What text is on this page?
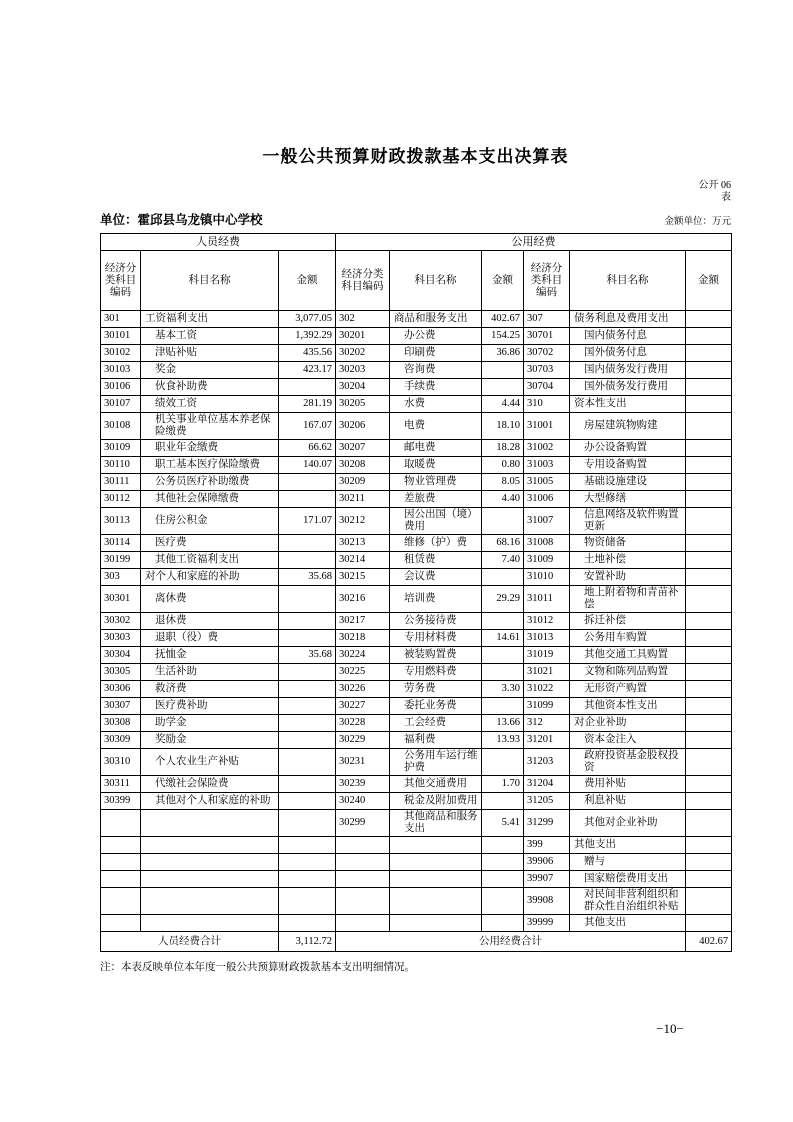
一般公共预算财政拨款基本支出决算表
公开 06
表
单位：霍邱县乌龙镇中心学校	金额单位：万元
人员经费			公用经费					
经济分类科目编码	科目名称	金额	经济分类科目编码	科目名称	金额	经济分类科目编码	科目名称	金额
301	工资福利支出	3,077.05	302	商品和服务支出	402.67	307	债务利息及费用支出	
30101	基本工资	1,392.29	30201	办公费	154.25	30701	国内债务付息	
30102	津贴补贴	435.56	30202	印刷费	36.86	30702	国外债务付息	
30103	奖金	423.17	30203	咨询费		30703	国内债务发行费用	
30106	伙食补助费		30204	手续费		30704	国外债务发行费用	
30107	绩效工资	281.19	30205	水费	4.44	310	资本性支出	
30108	机关事业单位基本养老保险缴费	167.07	30206	电费	18.10	31001	房屋建筑物购建	
30109	职业年金缴费	66.62	30207	邮电费	18.28	31002	办公设备购置	
30110	职工基本医疗保险缴费	140.07	30208	取暖费	0.80	31003	专用设备购置	
30111	公务员医疗补助缴费		30209	物业管理费	8.05	31005	基础设施建设	
30112	其他社会保障缴费		30211	差旅费	4.40	31006	大型修缮	
30113	住房公积金	171.07	30212	因公出国（境）费用		31007	信息网络及软件购置更新	
30114	医疗费		30213	维修（护）费	68.16	31008	物资储备	
30199	其他工资福利支出		30214	租赁费	7.40	31009	土地补偿	
303	对个人和家庭的补助	35.68	30215	会议费		31010	安置补助	
30301	离休费		30216	培训费	29.29	31011	地上附着物和青苗补偿	
30302	退休费		30217	公务接待费		31012	拆迁补偿	
30303	退职（役）费		30218	专用材料费	14.61	31013	公务用车购置	
30304	抚恤金	35.68	30224	被装购置费		31019	其他交通工具购置	
30305	生活补助		30225	专用燃料费		31021	文物和陈列品购置	
30306	救济费		30226	劳务费	3.30	31022	无形资产购置	
30307	医疗费补助		30227	委托业务费		31099	其他资本性支出	
30308	助学金		30228	工会经费	13.66	312	对企业补助	
30309	奖励金		30229	福利费	13.93	31201	资本金注入	
30310	个人农业生产补贴		30231	公务用车运行维护费		31203	政府投资基金股权投资	
30311	代缴社会保险费		30239	其他交通费用	1.70	31204	费用补贴	
30399	其他对个人和家庭的补助		30240	税金及附加费用		31205	利息补贴	
			30299	其他商品和服务支出	5.41	31299	其他对企业补助	
						399	其他支出	
						39906	赠与	
						39907	国家赔偿费用支出	
						39908	对民间非营利组织和群众性自治组织补贴	
						39999	其他支出	
人员经费合计		3,112.72	公用经费合计					402.67
注：本表反映单位本年度一般公共预算财政拨款基本支出明细情况。
−10−
